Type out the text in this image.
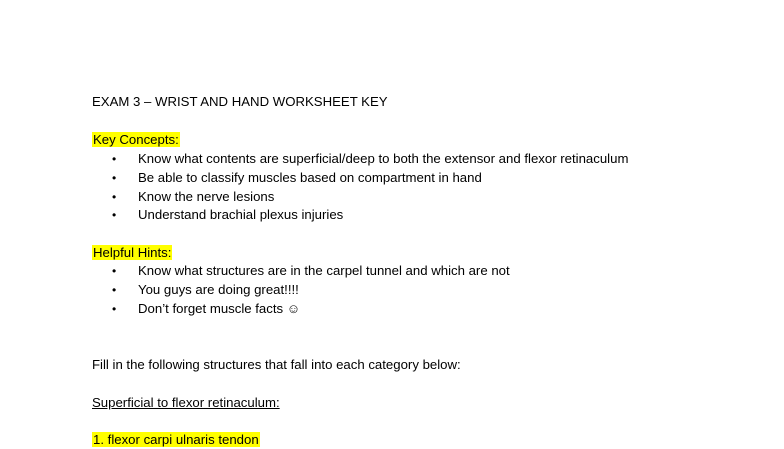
EXAM 3 – WRIST AND HAND WORKSHEET KEY
Key Concepts:
• Know what contents are superficial/deep to both the extensor and flexor retinaculum
• Be able to classify muscles based on compartment in hand
• Know the nerve lesions
• Understand brachial plexus injuries
Helpful Hints:
• Know what structures are in the carpel tunnel and which are not
• You guys are doing great!!!!
• Don’t forget muscle facts ☺
Fill in the following structures that fall into each category below:
Superficial to flexor retinaculum:
1. flexor carpi ulnaris tendon
